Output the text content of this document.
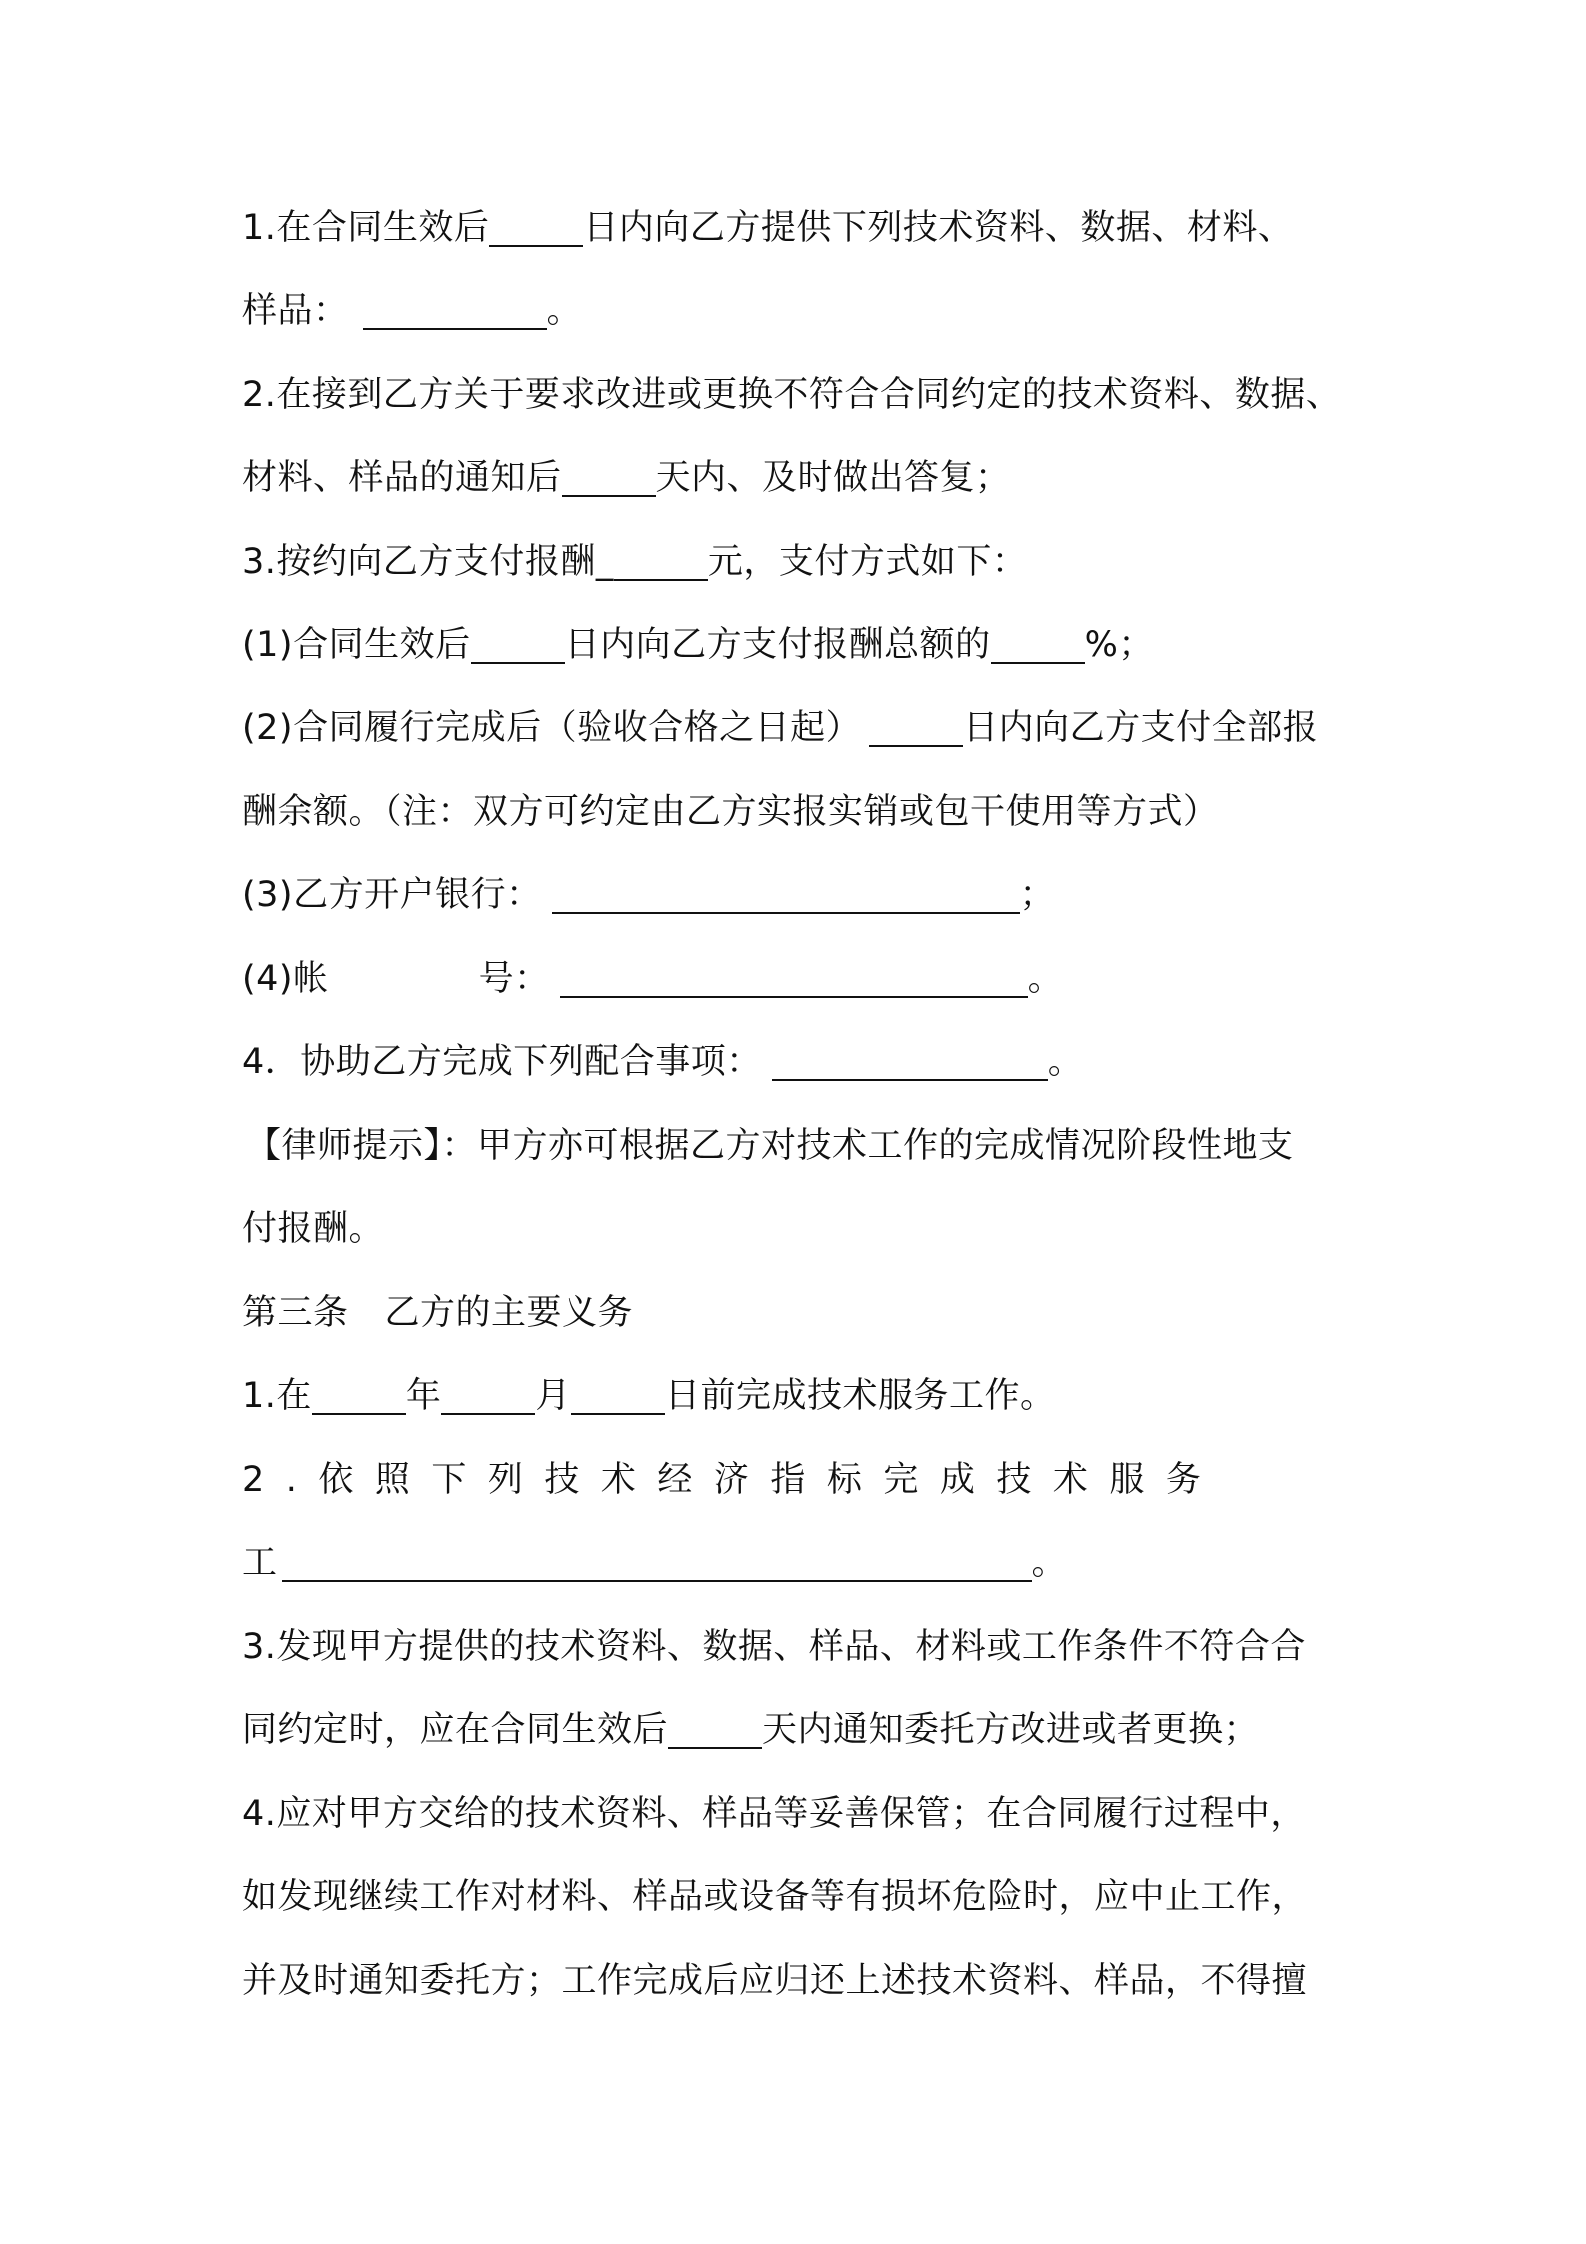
1.在合同生效后	日内向乙方提供下列技术资料、数据、材料、
样品：	。
2.在接到乙方关于要求改进或更换不符合合同约定的技术资料、数据、
材料、样品的通知后	天内、及时做出答复；
3.按约向乙方支付报酬_	元，支付方式如下：
(1)合同生效后	日内向乙方支付报酬总额的	%；
(2)合同履行完成后（验收合格之日起）	日内向乙方支付全部报
酬余额。（注：双方可约定由乙方实报实销或包干使用等方式）
(3)乙方开户银行：	；
(4)帐	号：	。
4．协助乙方完成下列配合事项：	。
【律师提示】：甲方亦可根据乙方对技术工作的完成情况阶段性地支
付报酬。
第三条 乙方的主要义务
1.在	年	月	日前完成技术服务工作。
2.依照下列技术经济指标完成技术服务
工	。
3.发现甲方提供的技术资料、数据、样品、材料或工作条件不符合合
同约定时，应在合同生效后	天内通知委托方改进或者更换；
4.应对甲方交给的技术资料、样品等妥善保管；在合同履行过程中，
如发现继续工作对材料、样品或设备等有损坏危险时，应中止工作，
并及时通知委托方；工作完成后应归还上述技术资料、样品，不得擅
